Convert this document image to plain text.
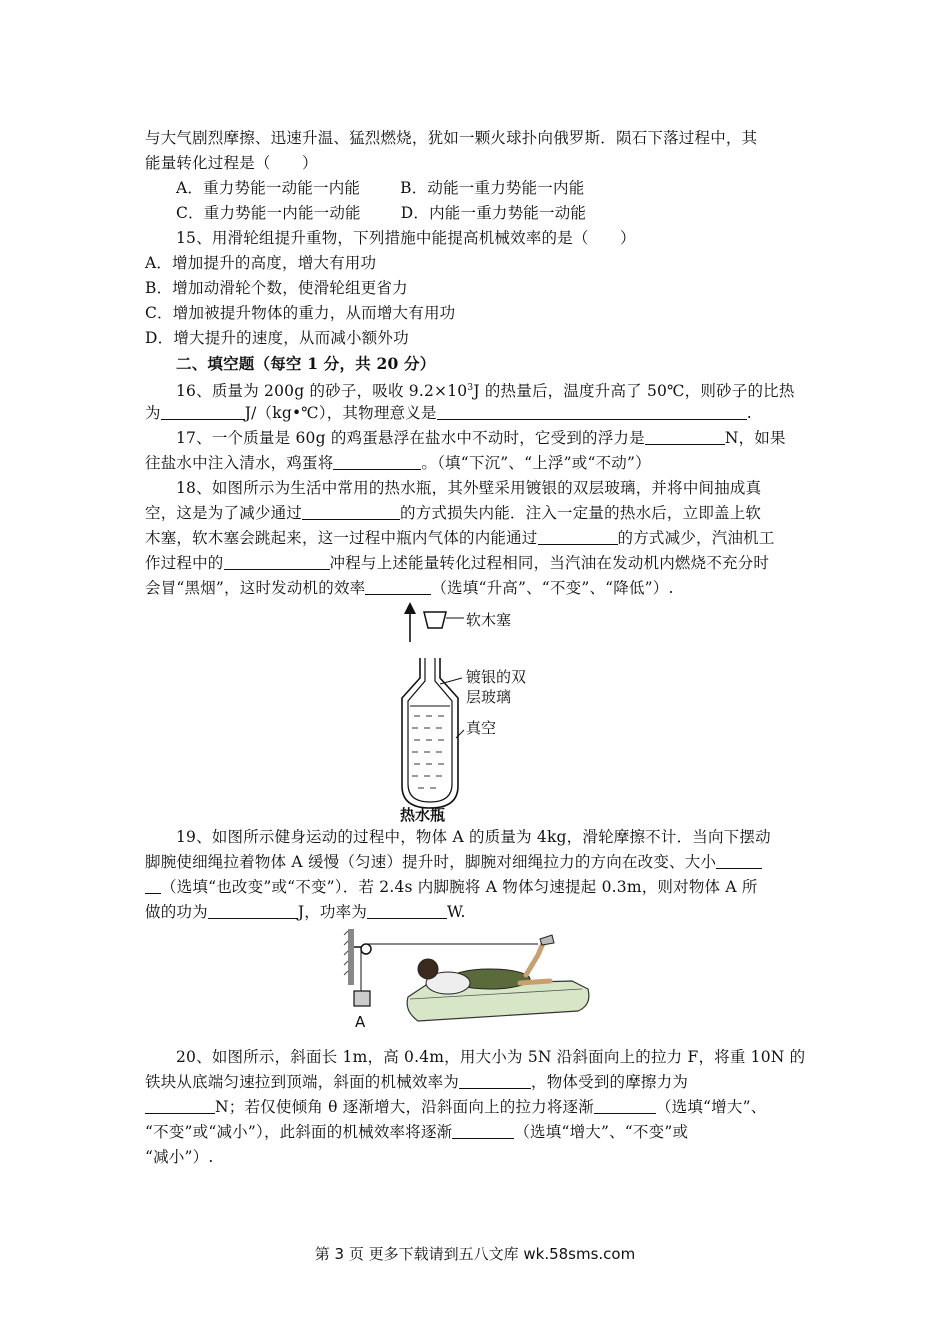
与大气剧烈摩擦、迅速升温、猛烈燃烧，犹如一颗火球扑向俄罗斯．陨石下落过程中，其
能量转化过程是（　　）
A．重力势能一动能一内能	B．动能一重力势能一内能
C．重力势能一内能一动能	D．内能一重力势能一动能
15、用滑轮组提升重物，下列措施中能提高机械效率的是（　　）
A．增加提升的高度，增大有用功
B．增加动滑轮个数，使滑轮组更省力
C．增加被提升物体的重力，从而增大有用功
D．增大提升的速度，从而减小额外功
二、填空题（每空 1 分，共 20 分）
16、质量为 200g 的砂子，吸收 $9.2\times 10^3J$ 的热量后，温度升高了 50℃，则砂子的比热
为	J/（kg•℃），其物理意义是	.
17、一个质量是 60g 的鸡蛋悬浮在盐水中不动时，它受到的浮力是	N，如果
往盐水中注入清水，鸡蛋将	。（填“下沉”、“上浮”或“不动”）
18、如图所示为生活中常用的热水瓶，其外壁采用镀银的双层玻璃，并将中间抽成真
空，这是为了减少通过	的方式损失内能．注入一定量的热水后，立即盖上软
木塞，软木塞会跳起来，这一过程中瓶内气体的内能通过	的方式减少，汽油机工
作过程中的	冲程与上述能量转化过程相同，当汽油在发动机内燃烧不充分时
会冒“黑烟”，这时发动机的效率	（选填“升高”、“不变”、“降低”）.
软木塞
镀银的双
层玻璃
真空
热水瓶
19、如图所示健身运动的过程中，物体 A 的质量为 4kg，滑轮摩擦不计．当向下摆动
脚腕使细绳拉着物体 A 缓慢（匀速）提升时，脚腕对细绳拉力的方向在改变、大小
（选填“也改变”或“不变”）．若 2.4s 内脚腕将 A 物体匀速提起 0.3m，则对物体 A 所
做的功为	J，功率为	W.
A
20、如图所示，斜面长 1m，高 0.4m，用大小为 5N 沿斜面向上的拉力 F，将重 10N 的
铁块从底端匀速拉到顶端，斜面的机械效率为	，物体受到的摩擦力为
N；若仅使倾角 θ 逐渐增大，沿斜面向上的拉力将逐渐	（选填“增大”、
“不变”或“减小”），此斜面的机械效率将逐渐	（选填“增大”、“不变”或
“减小”）.
第 3 页 更多下载请到五八文库 wk.58sms.com
